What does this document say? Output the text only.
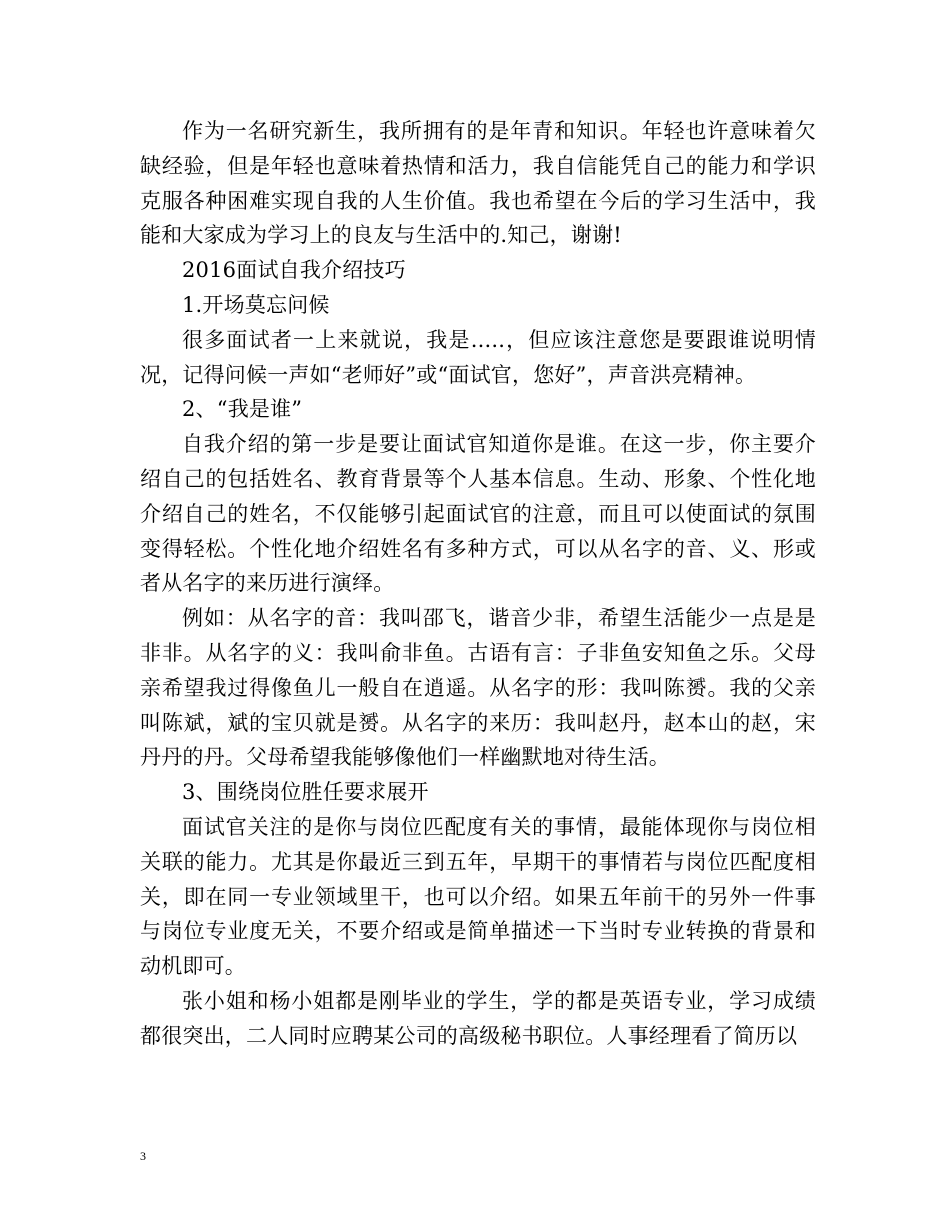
作为一名研究新生，我所拥有的是年青和知识。年轻也许意味着欠缺经验，但是年轻也意味着热情和活力，我自信能凭自己的能力和学识克服各种困难实现自我的人生价值。我也希望在今后的学习生活中，我能和大家成为学习上的良友与生活中的.知己，谢谢!

2016面试自我介绍技巧

1.开场莫忘问候

很多面试者一上来就说，我是.....，但应该注意您是要跟谁说明情况，记得问候一声如“老师好”或“面试官，您好”，声音洪亮精神。

2、“我是谁”

自我介绍的第一步是要让面试官知道你是谁。在这一步，你主要介绍自己的包括姓名、教育背景等个人基本信息。生动、形象、个性化地介绍自己的姓名，不仅能够引起面试官的注意，而且可以使面试的氛围变得轻松。个性化地介绍姓名有多种方式，可以从名字的音、义、形或者从名字的来历进行演绎。

例如：从名字的音：我叫邵飞，谐音少非，希望生活能少一点是是非非。从名字的义：我叫俞非鱼。古语有言：子非鱼安知鱼之乐。父母亲希望我过得像鱼儿一般自在逍遥。从名字的形：我叫陈赟。我的父亲叫陈斌，斌的宝贝就是赟。从名字的来历：我叫赵丹，赵本山的赵，宋丹丹的丹。父母希望我能够像他们一样幽默地对待生活。

3、围绕岗位胜任要求展开

面试官关注的是你与岗位匹配度有关的事情，最能体现你与岗位相关联的能力。尤其是你最近三到五年，早期干的事情若与岗位匹配度相关，即在同一专业领域里干，也可以介绍。如果五年前干的另外一件事与岗位专业度无关，不要介绍或是简单描述一下当时专业转换的背景和动机即可。

张小姐和杨小姐都是刚毕业的学生，学的都是英语专业，学习成绩都很突出，二人同时应聘某公司的高级秘书职位。人事经理看了简历以

3
